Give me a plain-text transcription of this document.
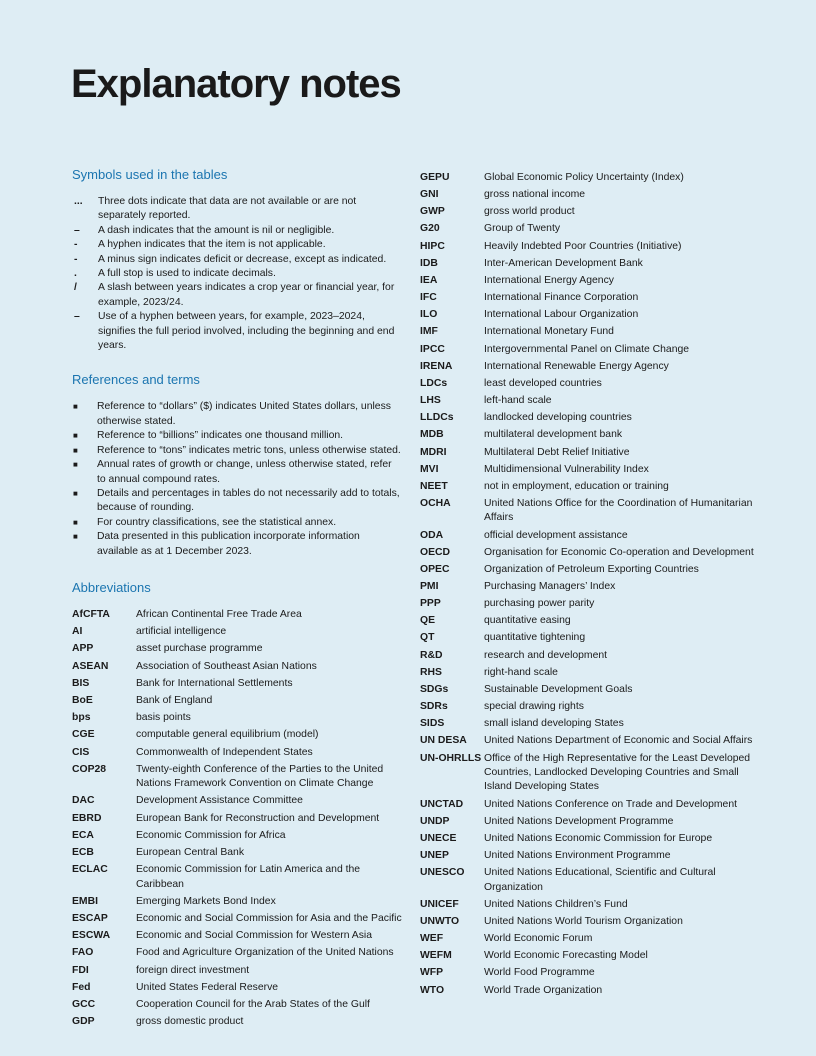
Explanatory notes
Symbols used in the tables
...	Three dots indicate that data are not available or are not separately reported.
–	A dash indicates that the amount is nil or negligible.
-	A hyphen indicates that the item is not applicable.
-	A minus sign indicates deficit or decrease, except as indicated.
.	A full stop is used to indicate decimals.
/	A slash between years indicates a crop year or financial year, for example, 2023/24.
–	Use of a hyphen between years, for example, 2023–2024, signifies the full period involved, including the beginning and end years.
References and terms
■	Reference to “dollars” ($) indicates United States dollars, unless otherwise stated.
■	Reference to “billions” indicates one thousand million.
■	Reference to “tons” indicates metric tons, unless otherwise stated.
■	Annual rates of growth or change, unless otherwise stated, refer to annual compound rates.
■	Details and percentages in tables do not necessarily add to totals, because of rounding.
■	For country classifications, see the statistical annex.
■	Data presented in this publication incorporate information available as at 1 December 2023.
Abbreviations
AfCFTA	African Continental Free Trade Area
AI	artificial intelligence
APP	asset purchase programme
ASEAN	Association of Southeast Asian Nations
BIS	Bank for International Settlements
BoE	Bank of England
bps	basis points
CGE	computable general equilibrium (model)
CIS	Commonwealth of Independent States
COP28	Twenty-eighth Conference of the Parties to the United Nations Framework Convention on Climate Change
DAC	Development Assistance Committee
EBRD	European Bank for Reconstruction and Development
ECA	Economic Commission for Africa
ECB	European Central Bank
ECLAC	Economic Commission for Latin America and the Caribbean
EMBI	Emerging Markets Bond Index
ESCAP	Economic and Social Commission for Asia and the Pacific
ESCWA	Economic and Social Commission for Western Asia
FAO	Food and Agriculture Organization of the United Nations
FDI	foreign direct investment
Fed	United States Federal Reserve
GCC	Cooperation Council for the Arab States of the Gulf
GDP	gross domestic product
GEPU	Global Economic Policy Uncertainty (Index)
GNI	gross national income
GWP	gross world product
G20	Group of Twenty
HIPC	Heavily Indebted Poor Countries (Initiative)
IDB	Inter-American Development Bank
IEA	International Energy Agency
IFC	International Finance Corporation
ILO	International Labour Organization
IMF	International Monetary Fund
IPCC	Intergovernmental Panel on Climate Change
IRENA	International Renewable Energy Agency
LDCs	least developed countries
LHS	left-hand scale
LLDCs	landlocked developing countries
MDB	multilateral development bank
MDRI	Multilateral Debt Relief Initiative
MVI	Multidimensional Vulnerability Index
NEET	not in employment, education or training
OCHA	United Nations Office for the Coordination of Humanitarian Affairs
ODA	official development assistance
OECD	Organisation for Economic Co-operation and Development
OPEC	Organization of Petroleum Exporting Countries
PMI	Purchasing Managers’ Index
PPP	purchasing power parity
QE	quantitative easing
QT	quantitative tightening
R&D	research and development
RHS	right-hand scale
SDGs	Sustainable Development Goals
SDRs	special drawing rights
SIDS	small island developing States
UN DESA	United Nations Department of Economic and Social Affairs
UN-OHRLLS Office of the High Representative for the Least Developed Countries, Landlocked Developing Countries and Small Island Developing States
UNCTAD	United Nations Conference on Trade and Development
UNDP	United Nations Development Programme
UNECE	United Nations Economic Commission for Europe
UNEP	United Nations Environment Programme
UNESCO	United Nations Educational, Scientific and Cultural Organization
UNICEF	United Nations Children’s Fund
UNWTO	United Nations World Tourism Organization
WEF	World Economic Forum
WEFM	World Economic Forecasting Model
WFP	World Food Programme
WTO	World Trade Organization
